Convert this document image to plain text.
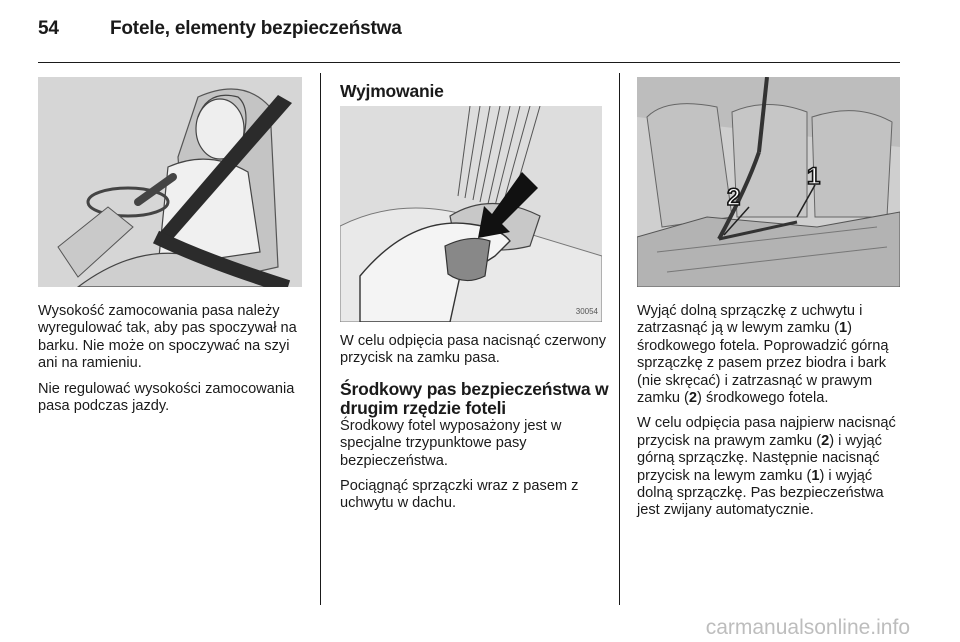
54	Fotele, elementy bezpieczeństwa

Wysokość zamocowania pasa należy wyregulować tak, aby pas spoczywał na barku. Nie może on spoczywać na szyi ani na ramieniu.

Nie regulować wysokości zamocowania pasa podczas jazdy.

Wyjmowanie
30054

W celu odpięcia pasa nacisnąć czerwony przycisk na zamku pasa.

Środkowy pas bezpieczeństwa w drugim rzędzie foteli

Środkowy fotel wyposażony jest w specjalne trzypunktowe pasy bezpieczeństwa.

Pociągnąć sprzączki wraz z pasem z uchwytu w dachu.

2
1

Wyjąć dolną sprzączkę z uchwytu i zatrzasnąć ją w lewym zamku (1) środkowego fotela. Poprowadzić górną sprzączkę z pasem przez biodra i bark (nie skręcać) i zatrzasnąć w prawym zamku (2) środkowego fotela.

W celu odpięcia pasa najpierw nacisnąć przycisk na prawym zamku (2) i wyjąć górną sprzączkę. Następnie nacisnąć przycisk na lewym zamku (1) i wyjąć dolną sprzączkę. Pas bezpieczeństwa jest zwijany automatycznie.

carmanualsonline.info
